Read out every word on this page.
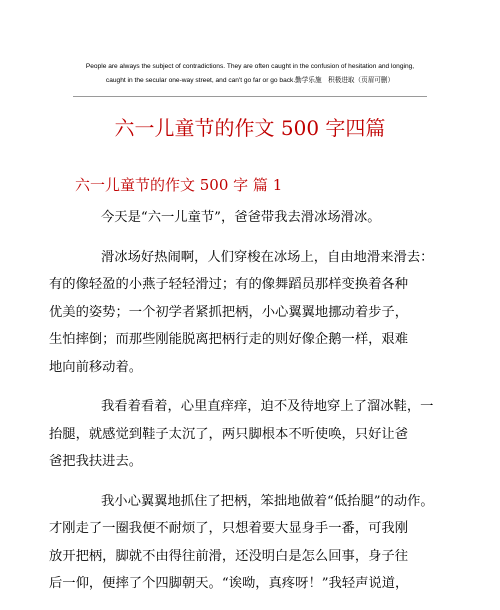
People are always the subject of contradictions. They are often caught in the confusion of hesitation and longing,
caught in the secular one-way street, and can't go far or go back.勤学乐施　积极进取（页眉可删）
六一儿童节的作文 500 字四篇
六一儿童节的作文 500 字 篇 1
今天是“六一儿童节”，爸爸带我去滑冰场滑冰。
滑冰场好热闹啊，人们穿梭在冰场上，自由地滑来滑去：
有的像轻盈的小燕子轻轻滑过；有的像舞蹈员那样变换着各种
优美的姿势；一个初学者紧抓把柄，小心翼翼地挪动着步子，
生怕摔倒；而那些刚能脱离把柄行走的则好像企鹅一样，艰难
地向前移动着。
我看着看着，心里直痒痒，迫不及待地穿上了溜冰鞋，一
抬腿，就感觉到鞋子太沉了，两只脚根本不听使唤，只好让爸
爸把我扶进去。
我小心翼翼地抓住了把柄，笨拙地做着“低抬腿”的动作。
才刚走了一圈我便不耐烦了，只想着要大显身手一番，可我刚
放开把柄，脚就不由得往前滑，还没明白是怎么回事，身子往
后一仰，便摔了个四脚朝天。“诶呦，真疼呀！”我轻声说道，
